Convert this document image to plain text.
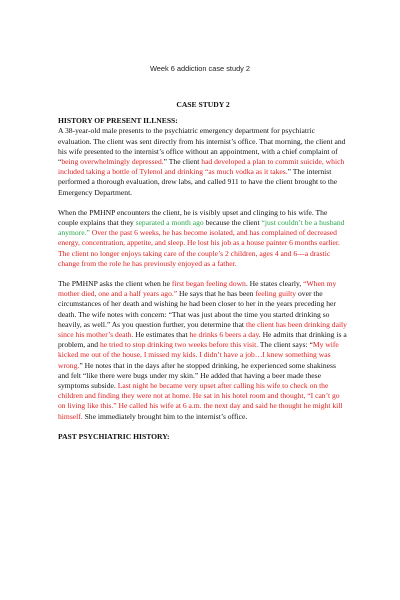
Week 6 addiction case study 2
CASE STUDY 2
HISTORY OF PRESENT ILLNESS:

A 38-year-old male presents to the psychiatric emergency department for psychiatric evaluation. The client was sent directly from his internist’s office. That morning, the client and his wife presented to the internist’s office without an appointment, with a chief complaint of “being overwhelmingly depressed.” The client had developed a plan to commit suicide, which included taking a bottle of Tylenol and drinking “as much vodka as it takes.” The internist performed a thorough evaluation, drew labs, and called 911 to have the client brought to the Emergency Department.

When the PMHNP encounters the client, he is visibly upset and clinging to his wife. The couple explains that they separated a month ago because the client “just couldn’t be a husband anymore.” Over the past 6 weeks, he has become isolated, and has complained of decreased energy, concentration, appetite, and sleep. He lost his job as a house painter 6 months earlier. The client no longer enjoys taking care of the couple’s 2 children, ages 4 and 6---a drastic change from the role he has previously enjoyed as a father.

The PMHNP asks the client when he first began feeling down. He states clearly, “When my mother died, one and a half years ago.” He says that he has been feeling guilty over the circumstances of her death and wishing he had been closer to her in the years preceding her death. The wife notes with concern: “That was just about the time you started drinking so heavily, as well.” As you question further, you determine that the client has been drinking daily since his mother’s death. He estimates that he drinks 6 beers a day. He admits that drinking is a problem, and he tried to stop drinking two weeks before this visit. The client says: “My wife kicked me out of the house, I missed my kids. I didn’t have a job…I knew something was wrong.” He notes that in the days after he stopped drinking, he experienced some shakiness and felt “like there were bugs under my skin.” He added that having a beer made these symptoms subside. Last night he became very upset after calling his wife to check on the children and finding they were not at home. He sat in his hotel room and thought, “I can’t go on living like this.” He called his wife at 6 a.m. the next day and said he thought he might kill himself. She immediately brought him to the internist’s office.

PAST PSYCHIATRIC HISTORY:
